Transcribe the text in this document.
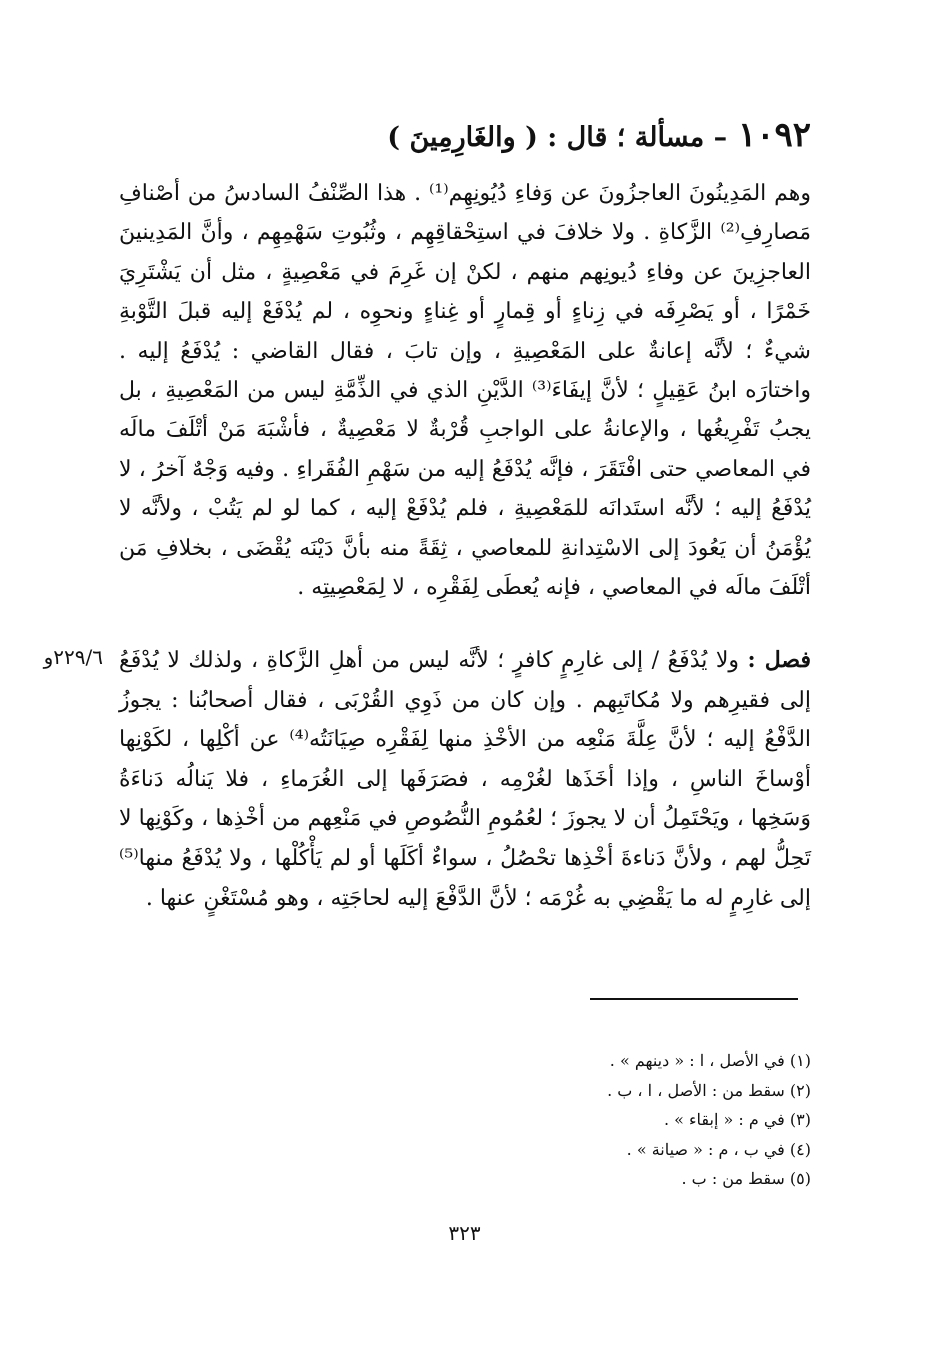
١٠٩٢ – مسألة ؛ قال : ( والغَارِمِينَ )

وهم المَدِينُونَ العاجزُونَ عن وَفاءِ دُيُونِهِم⁽¹⁾ . هذا الصِّنْفُ السادسُ من أصْنافِ مَصارِفِ⁽²⁾ الزَّكاةِ . ولا خلافَ في استِحْقاقِهِم ، وثُبُوتِ سَهْمِهِم ، وأنَّ المَدِينينَ العاجزِينَ عن وفاءِ دُيونِهم منهم ، لكنْ إن غَرِمَ في مَعْصِيةٍ ، مثل أن يَشْتَرِيَ خَمْرًا ، أو يَصْرِفَه في زِناءٍ أو قِمارٍ أو غِناءٍ ونحوِه ، لم يُدْفَعْ إليه قبلَ التَّوْبةِ شيءٌ ؛ لأنَّه إعانةٌ على المَعْصِيةِ ، وإن تابَ ، فقال القاضي : يُدْفَعُ إليه . واختارَه ابنُ عَقِيلٍ ؛ لأنَّ إيفَاءَ⁽³⁾ الدَّيْنِ الذي في الذِّمَّةِ ليس من المَعْصِيةِ ، بل يجبُ تَفْرِيغُها ، والإعانةُ على الواجبِ قُرْبةٌ لا مَعْصِيةٌ ، فأشْبَهَ مَنْ أتْلَفَ مالَه في المعاصي حتى افْتَقَرَ ، فإنَّه يُدْفَعُ إليه من سَهْمِ الفُقَراءِ . وفيه وَجْهٌ آخرُ ، لا يُدْفَعُ إليه ؛ لأنَّه استَدانَه للمَعْصِيةِ ، فلم يُدْفَعْ إليه ، كما لو لم يَتُبْ ، ولأنَّه لا يُؤْمَنُ أن يَعُودَ إلى الاسْتِدانةِ للمعاصي ، ثِقَةً منه بأنَّ دَيْنَه يُقْضَى ، بخلافِ مَن أتْلَفَ مالَه في المعاصي ، فإنه يُعطَى لِفَقْرِه ، لا لِمَعْصِيتِه .

٢٢٩/٦و	فصل : ولا يُدْفَعُ / إلى غارِمٍ كافرٍ ؛ لأنَّه ليس من أهلِ الزَّكاةِ ، ولذلك لا يُدْفَعُ إلى فقيرِهم ولا مُكاتَبِهم . وإن كان من ذَوِي القُرْبَى ، فقال أصحابُنا : يجوزُ الدَّفْعُ إليه ؛ لأنَّ عِلَّةَ مَنْعِه من الأخْذِ منها لِفَقْرِه صِيَانَتُه⁽⁴⁾ عن أكْلِها ، لكَوْنِها أوْساخَ الناسِ ، وإذا أخَذَها لغُرْمِه ، فصَرَفَها إلى الغُرَماءِ ، فلا يَنالُه دَناءَةُ وَسَخِها ، ويَحْتَمِلُ أن لا يجوزَ ؛ لعُمُومِ النُّصُوصِ في مَنْعِهم من أخْذِها ، وكَوْنِها لا تَحِلُّ لهم ، ولأنَّ دَناءةَ أخْذِها تحْصُلُ ، سواءٌ أكَلَها أو لم يَأْكُلْها ، ولا يُدْفَعُ منها⁽⁵⁾ إلى غارِمٍ له ما يَقْضِي به غُرْمَه ؛ لأنَّ الدَّفْعَ إليه لحاجَتِه ، وهو مُسْتَغْنٍ عنها .
(١) في الأصل ، ا : « دينهم » .
(٢) سقط من : الأصل ، ا ، ب .
(٣) في م : « إبقاء » .
(٤) في ب ، م : « صيانة » .
(٥) سقط من : ب .
٣٢٣
